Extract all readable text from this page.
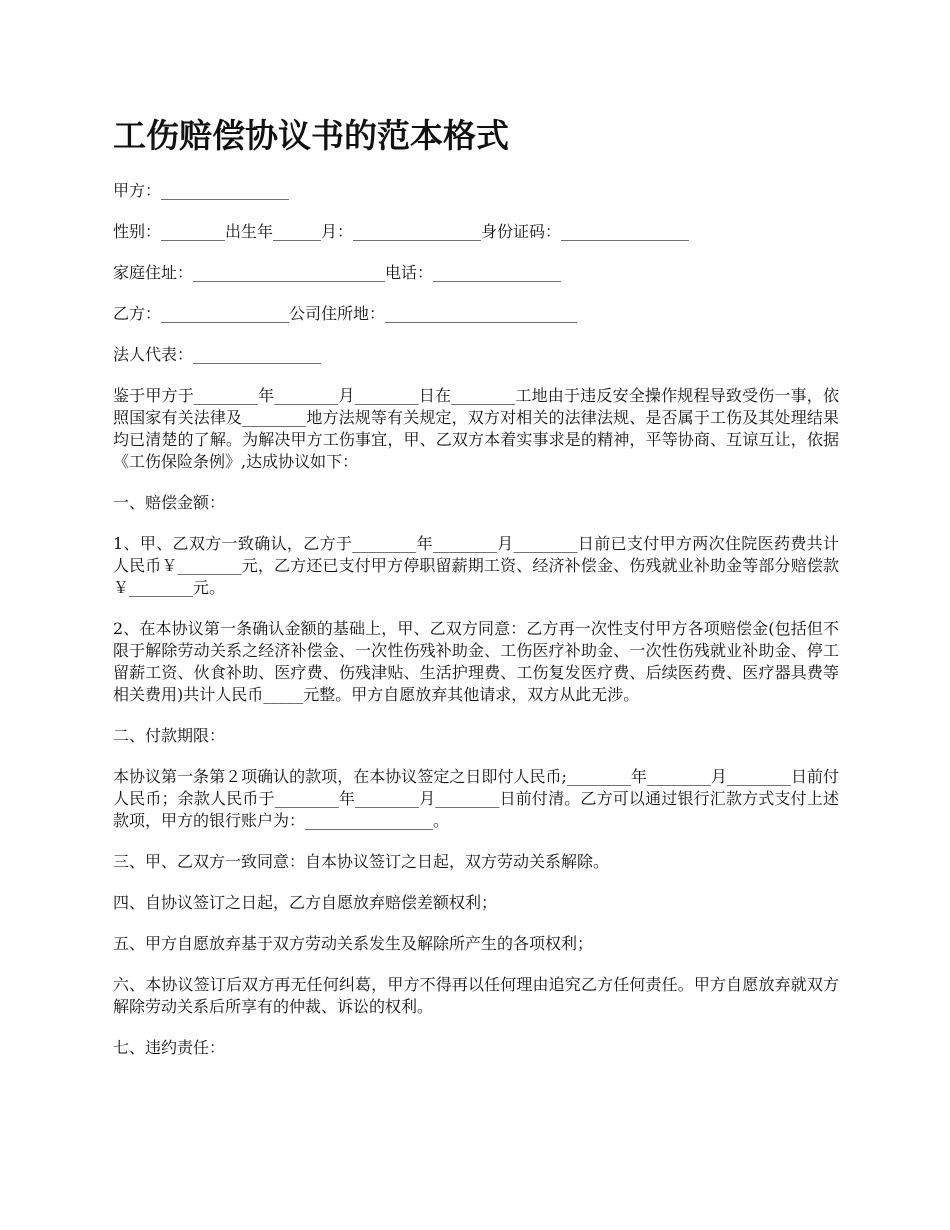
工伤赔偿协议书的范本格式
甲方：________________
性别：________出生年______月：________________身份证码：________________
家庭住址：________________________电话：________________
乙方：________________公司住所地：________________________
法人代表：________________

鉴于甲方于________年________月________日在________工地由于违反安全操作规程导致受伤一事，依照国家有关法律及________地方法规等有关规定，双方对相关的法律法规、是否属于工伤及其处理结果均已清楚的了解。为解决甲方工伤事宜，甲、乙双方本着实事求是的精神，平等协商、互谅互让，依据《工伤保险条例》,达成协议如下：

一、赔偿金额：

1、甲、乙双方一致确认，乙方于________年________月________日前已支付甲方两次住院医药费共计人民币￥________元，乙方还已支付甲方停职留薪期工资、经济补偿金、伤残就业补助金等部分赔偿款￥________元。

2、在本协议第一条确认金额的基础上，甲、乙双方同意：乙方再一次性支付甲方各项赔偿金(包括但不限于解除劳动关系之经济补偿金、一次性伤残补助金、工伤医疗补助金、一次性伤残就业补助金、停工留薪工资、伙食补助、医疗费、伤残津贴、生活护理费、工伤复发医疗费、后续医药费、医疗器具费等相关费用)共计人民币_____元整。甲方自愿放弃其他请求，双方从此无涉。

二、付款期限：

本协议第一条第２项确认的款项，在本协议签定之日即付人民币;________年________月________日前付人民币；余款人民币于________年________月________日前付清。乙方可以通过银行汇款方式支付上述款项，甲方的银行账户为：________________。

三、甲、乙双方一致同意：自本协议签订之日起，双方劳动关系解除。

四、自协议签订之日起，乙方自愿放弃赔偿差额权利；

五、甲方自愿放弃基于双方劳动关系发生及解除所产生的各项权利；

六、本协议签订后双方再无任何纠葛，甲方不得再以任何理由追究乙方任何责任。甲方自愿放弃就双方解除劳动关系后所享有的仲裁、诉讼的权利。

七、违约责任：
